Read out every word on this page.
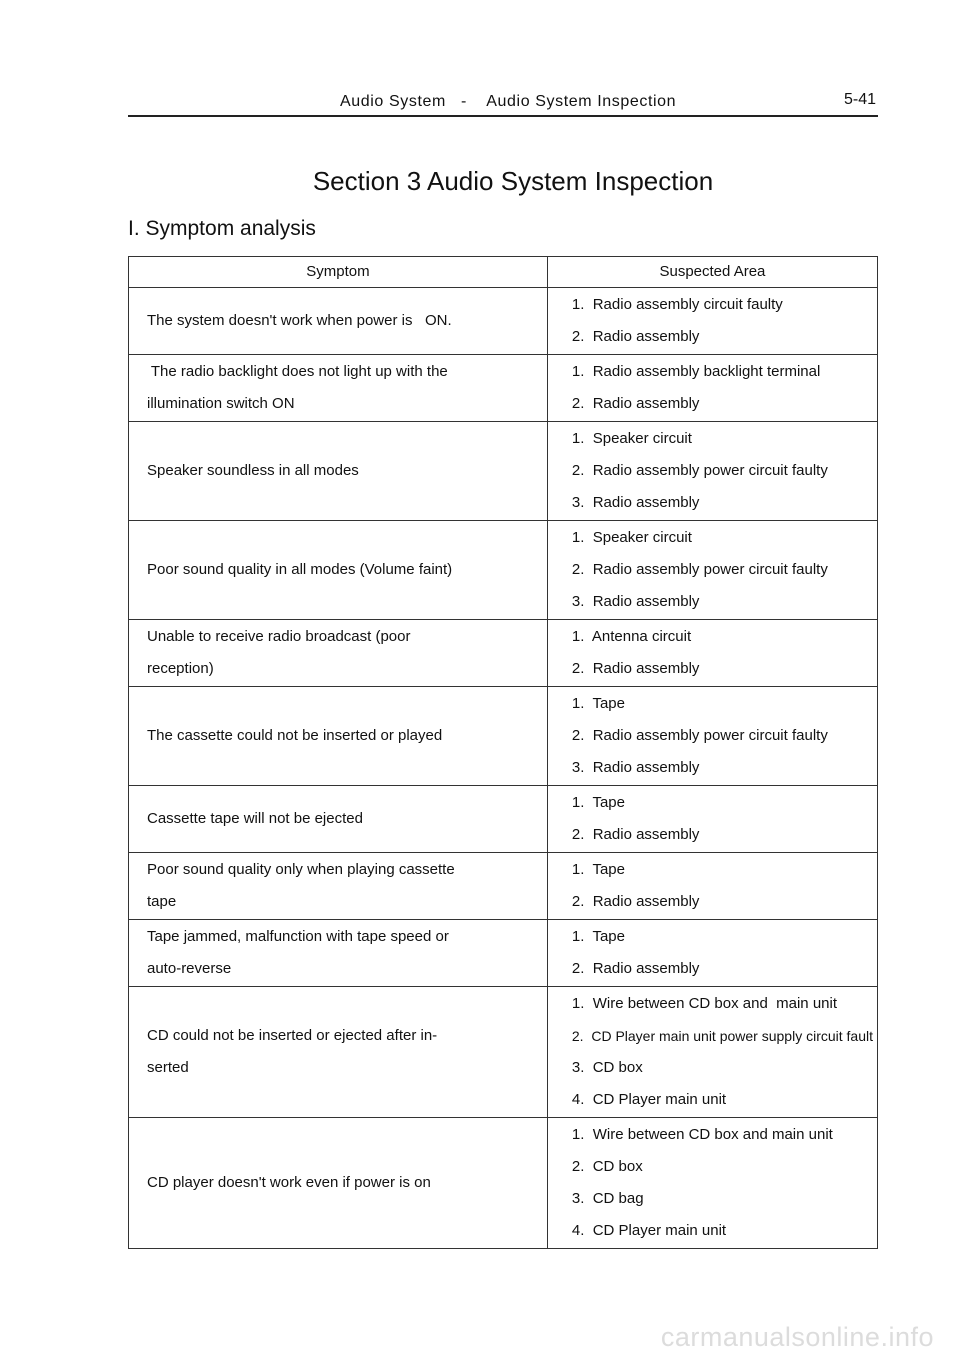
Audio System   -    Audio System Inspection	5-41
Section 3 Audio System Inspection
I. Symptom analysis
Symptom	Suspected Area

The system doesn't work when power is   ON.	1.  Radio assembly circuit faulty
2.  Radio assembly

The radio backlight does not light up with the
illumination switch ON	1.  Radio assembly backlight terminal
2.  Radio assembly

Speaker soundless in all modes	1.  Speaker circuit
2.  Radio assembly power circuit faulty
3.  Radio assembly

Poor sound quality in all modes (Volume faint)	1.  Speaker circuit
2.  Radio assembly power circuit faulty
3.  Radio assembly

Unable to receive radio broadcast (poor
reception)	1.  Antenna circuit
2.  Radio assembly

The cassette could not be inserted or played	1.  Tape
2.  Radio assembly power circuit faulty
3.  Radio assembly

Cassette tape will not be ejected	1.  Tape
2.  Radio assembly

Poor sound quality only when playing cassette
tape	1.  Tape
2.  Radio assembly

Tape jammed, malfunction with tape speed or
auto-reverse	1.  Tape
2.  Radio assembly

CD could not be inserted or ejected after in-
serted	1.  Wire between CD box and  main unit
2.  CD Player main unit power supply circuit fault
3.  CD box
4.  CD Player main unit

CD player doesn't work even if power is on	1.  Wire between CD box and main unit
2.  CD box
3.  CD bag
4.  CD Player main unit
carmanualsonline.info
